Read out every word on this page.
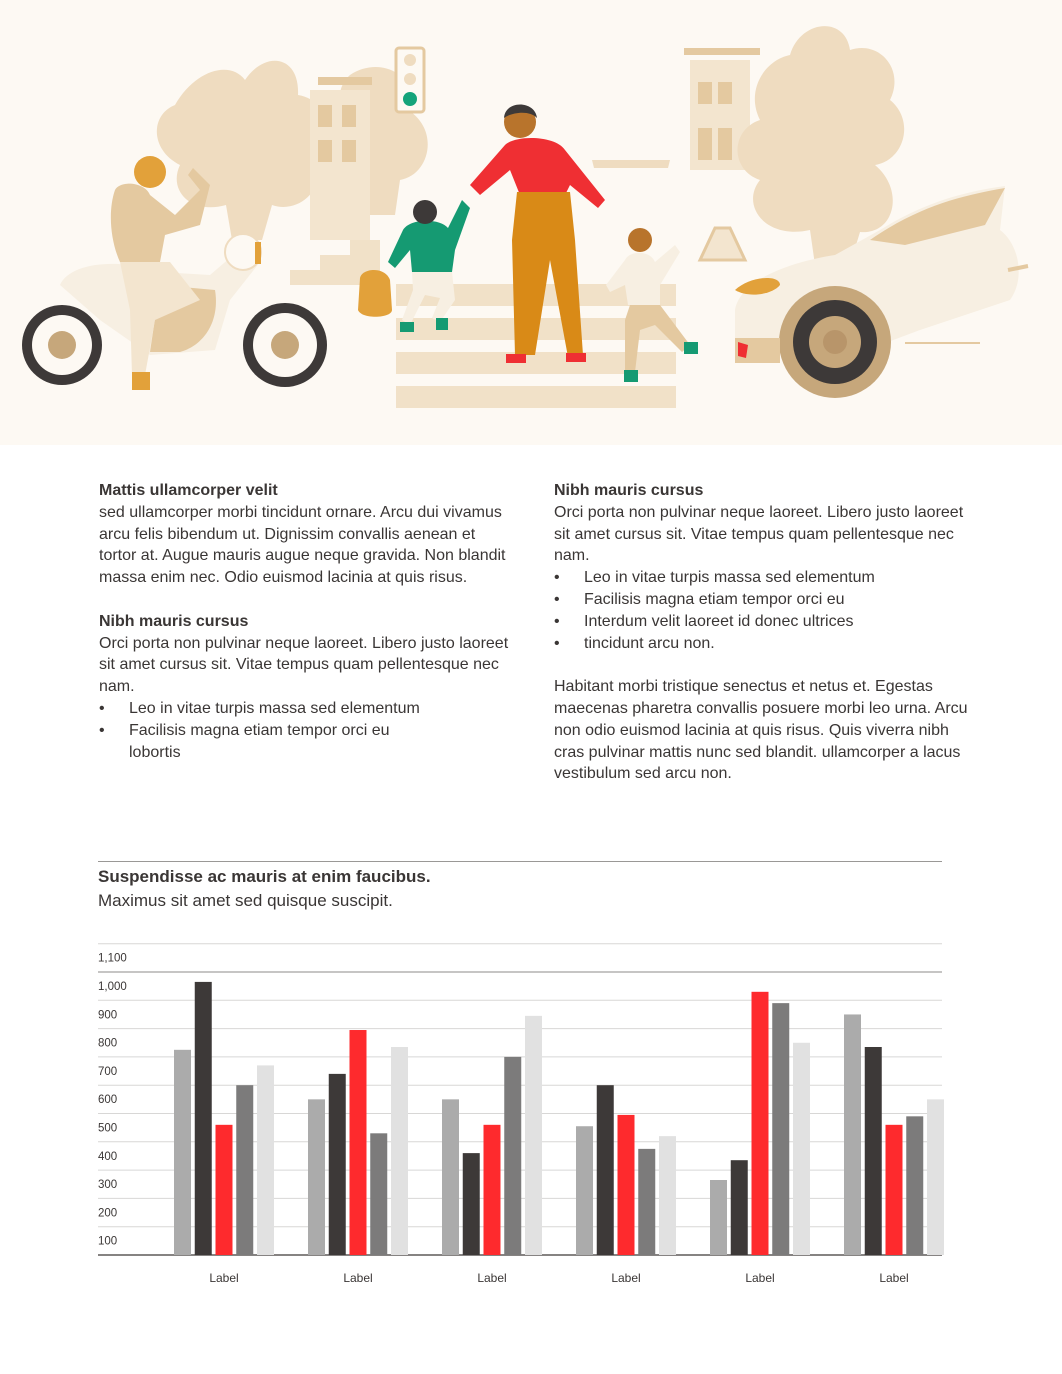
Mattis ullamcorper velit

sed ullamcorper morbi tincidunt ornare. Arcu dui vivamus arcu felis bibendum ut. Dignissim convallis aenean et tortor at. Augue mauris augue neque gravida. Non blandit massa enim nec. Odio euismod lacinia at quis risus.

Nibh mauris cursus

Orci porta non pulvinar neque laoreet. Libero justo laoreet sit amet cursus sit. Vitae tempus quam pellentesque nec nam.

• Leo in vitae turpis massa sed elementum
• Facilisis magna etiam tempor orci eu lobortis
Nibh mauris cursus

Orci porta non pulvinar neque laoreet. Libero justo laoreet sit amet cursus sit. Vitae tempus quam pellentesque nec nam.

• Leo in vitae turpis massa sed elementum
• Facilisis magna etiam tempor orci eu
• Interdum velit laoreet id donec ultrices
• tincidunt arcu non.

Habitant morbi tristique senectus et netus et. Egestas maecenas pharetra convallis posuere morbi leo urna. Arcu non odio euismod lacinia at quis risus. Quis viverra nibh cras pulvinar mattis nunc sed blandit. ullamcorper a lacus vestibulum sed arcu non.

Suspendisse ac mauris at enim faucibus.
Maximus sit amet sed quisque suscipit.
100
200
300
400
500
600
700
800
900
1,000
1,100
Label	Label	Label	Label	Label	Label
